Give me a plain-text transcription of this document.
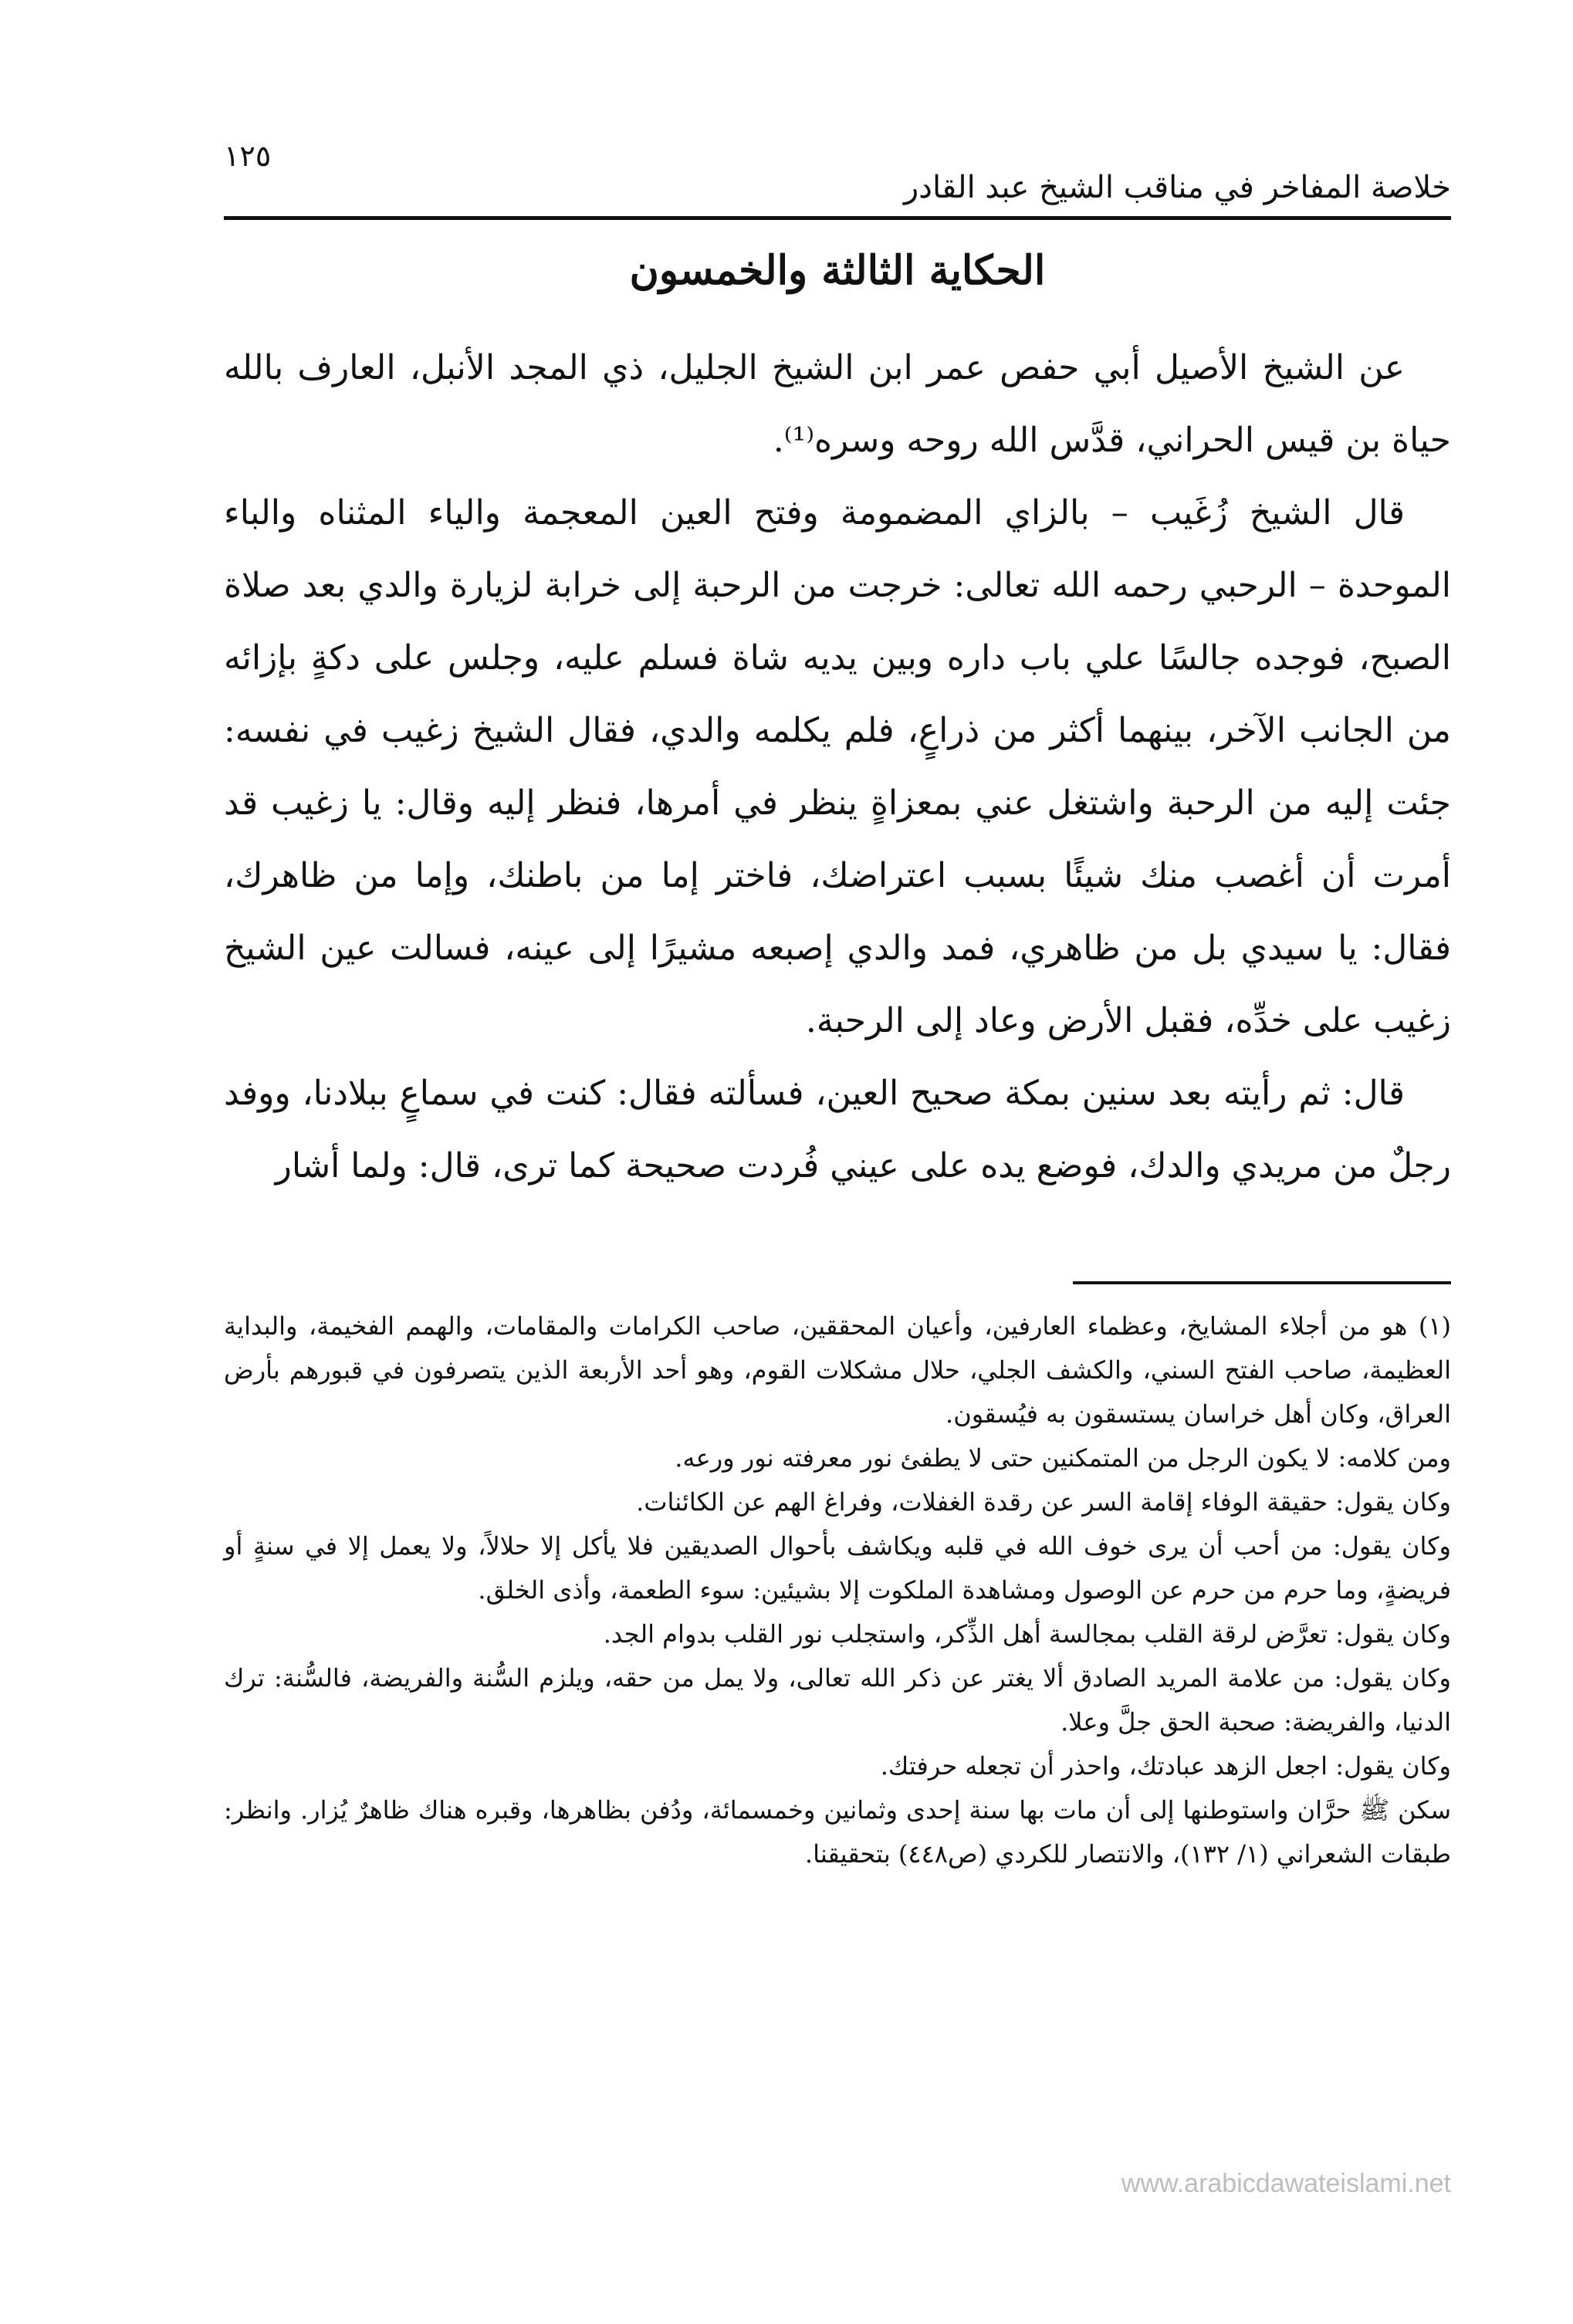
خلاصة المفاخر في مناقب الشيخ عبد القادر
١٢٥
الحكاية الثالثة والخمسون

عن الشيخ الأصيل أبي حفص عمر ابن الشيخ الجليل، ذي المجد الأنبل، العارف بالله حياة بن قيس الحراني، قدَّس الله روحه وسره⁽¹⁾.

قال الشيخ زُغَيب – بالزاي المضمومة وفتح العين المعجمة والياء المثناه والباء الموحدة – الرحبي رحمه الله تعالى: خرجت من الرحبة إلى خرابة لزيارة والدي بعد صلاة الصبح، فوجده جالسًا علي باب داره وبين يديه شاة فسلم عليه، وجلس على دكةٍ بإزائه من الجانب الآخر، بينهما أكثر من ذراعٍ، فلم يكلمه والدي، فقال الشيخ زغيب في نفسه: جئت إليه من الرحبة واشتغل عني بمعزاةٍ ينظر في أمرها، فنظر إليه وقال: يا زغيب قد أمرت أن أغصب منك شيئًا بسبب اعتراضك، فاختر إما من باطنك، وإما من ظاهرك، فقال: يا سيدي بل من ظاهري، فمد والدي إصبعه مشيرًا إلى عينه، فسالت عين الشيخ زغيب على خدِّه، فقبل الأرض وعاد إلى الرحبة.

قال: ثم رأيته بعد سنين بمكة صحيح العين، فسألته فقال: كنت في سماعٍ ببلادنا، ووفد رجلٌ من مريدي والدك، فوضع يده على عيني فُردت صحيحة كما ترى، قال: ولما أشار

(١) هو من أجلاء المشايخ، وعظماء العارفين، وأعيان المحققين، صاحب الكرامات والمقامات، والهمم الفخيمة، والبداية العظيمة، صاحب الفتح السني، والكشف الجلي، حلال مشكلات القوم، وهو أحد الأربعة الذين يتصرفون في قبورهم بأرض العراق، وكان أهل خراسان يستسقون به فيُسقون.

ومن كلامه: لا يكون الرجل من المتمكنين حتى لا يطفئ نور معرفته نور ورعه.

وكان يقول: حقيقة الوفاء إقامة السر عن رقدة الغفلات، وفراغ الهم عن الكائنات.

وكان يقول: من أحب أن يرى خوف الله في قلبه ويكاشف بأحوال الصديقين فلا يأكل إلا حلالاً، ولا يعمل إلا في سنةٍ أو فريضةٍ، وما حرم من حرم عن الوصول ومشاهدة الملكوت إلا بشيئين: سوء الطعمة، وأذى الخلق.

وكان يقول: تعرَّض لرقة القلب بمجالسة أهل الذِّكر، واستجلب نور القلب بدوام الجد.

وكان يقول: من علامة المريد الصادق ألا يغتر عن ذكر الله تعالى، ولا يمل من حقه، ويلزم السُّنة والفريضة، فالسُّنة: ترك الدنيا، والفريضة: صحبة الحق جلَّ وعلا.

وكان يقول: اجعل الزهد عبادتك، واحذر أن تجعله حرفتك.

سكن ﷺ حرَّان واستوطنها إلى أن مات بها سنة إحدى وثمانين وخمسمائة، ودُفن بظاهرها، وقبره هناك ظاهرٌ يُزار. وانظر: طبقات الشعراني (١/ ١٣٢)، والانتصار للكردي (ص٤٤٨) بتحقيقنا.

www.arabicdawateislami.net
